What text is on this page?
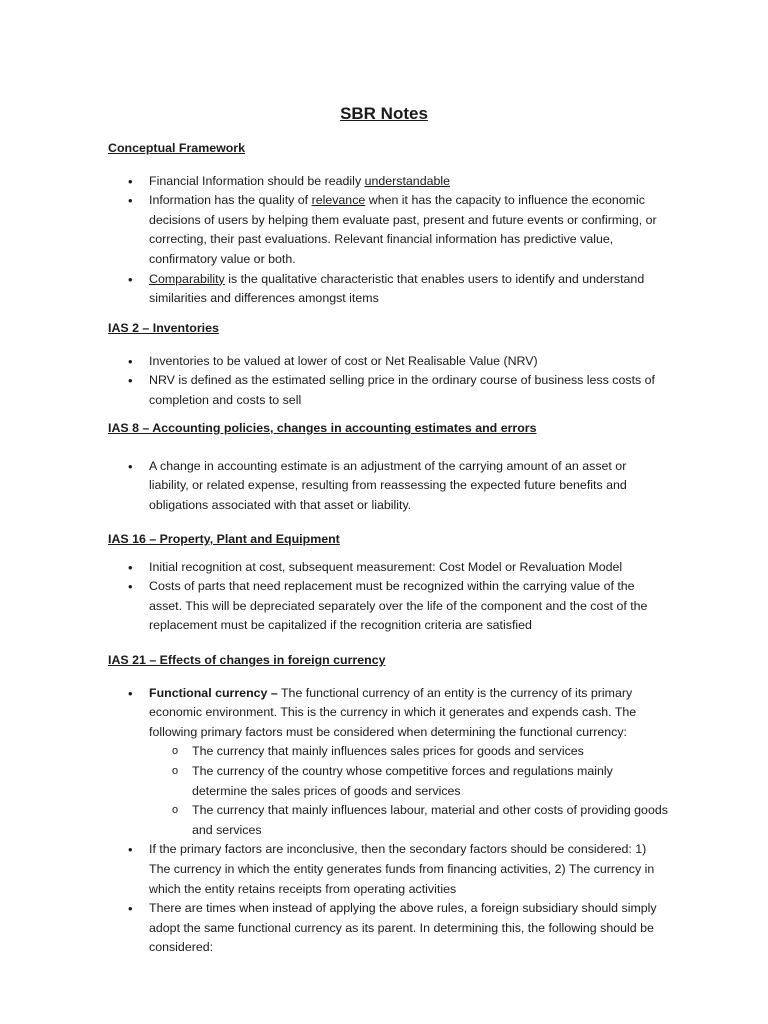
SBR Notes

Conceptual Framework

• Financial Information should be readily understandable
• Information has the quality of relevance when it has the capacity to influence the economic decisions of users by helping them evaluate past, present and future events or confirming, or correcting, their past evaluations. Relevant financial information has predictive value, confirmatory value or both.
• Comparability is the qualitative characteristic that enables users to identify and understand similarities and differences amongst items

IAS 2 – Inventories

• Inventories to be valued at lower of cost or Net Realisable Value (NRV)
• NRV is defined as the estimated selling price in the ordinary course of business less costs of completion and costs to sell

IAS 8 – Accounting policies, changes in accounting estimates and errors

• A change in accounting estimate is an adjustment of the carrying amount of an asset or liability, or related expense, resulting from reassessing the expected future benefits and obligations associated with that asset or liability.

IAS 16 – Property, Plant and Equipment

• Initial recognition at cost, subsequent measurement: Cost Model or Revaluation Model
• Costs of parts that need replacement must be recognized within the carrying value of the asset. This will be depreciated separately over the life of the component and the cost of the replacement must be capitalized if the recognition criteria are satisfied

IAS 21 – Effects of changes in foreign currency

• Functional currency – The functional currency of an entity is the currency of its primary economic environment. This is the currency in which it generates and expends cash. The following primary factors must be considered when determining the functional currency:
o The currency that mainly influences sales prices for goods and services
o The currency of the country whose competitive forces and regulations mainly determine the sales prices of goods and services
o The currency that mainly influences labour, material and other costs of providing goods and services
• If the primary factors are inconclusive, then the secondary factors should be considered: 1) The currency in which the entity generates funds from financing activities, 2) The currency in which the entity retains receipts from operating activities
• There are times when instead of applying the above rules, a foreign subsidiary should simply adopt the same functional currency as its parent. In determining this, the following should be considered:
